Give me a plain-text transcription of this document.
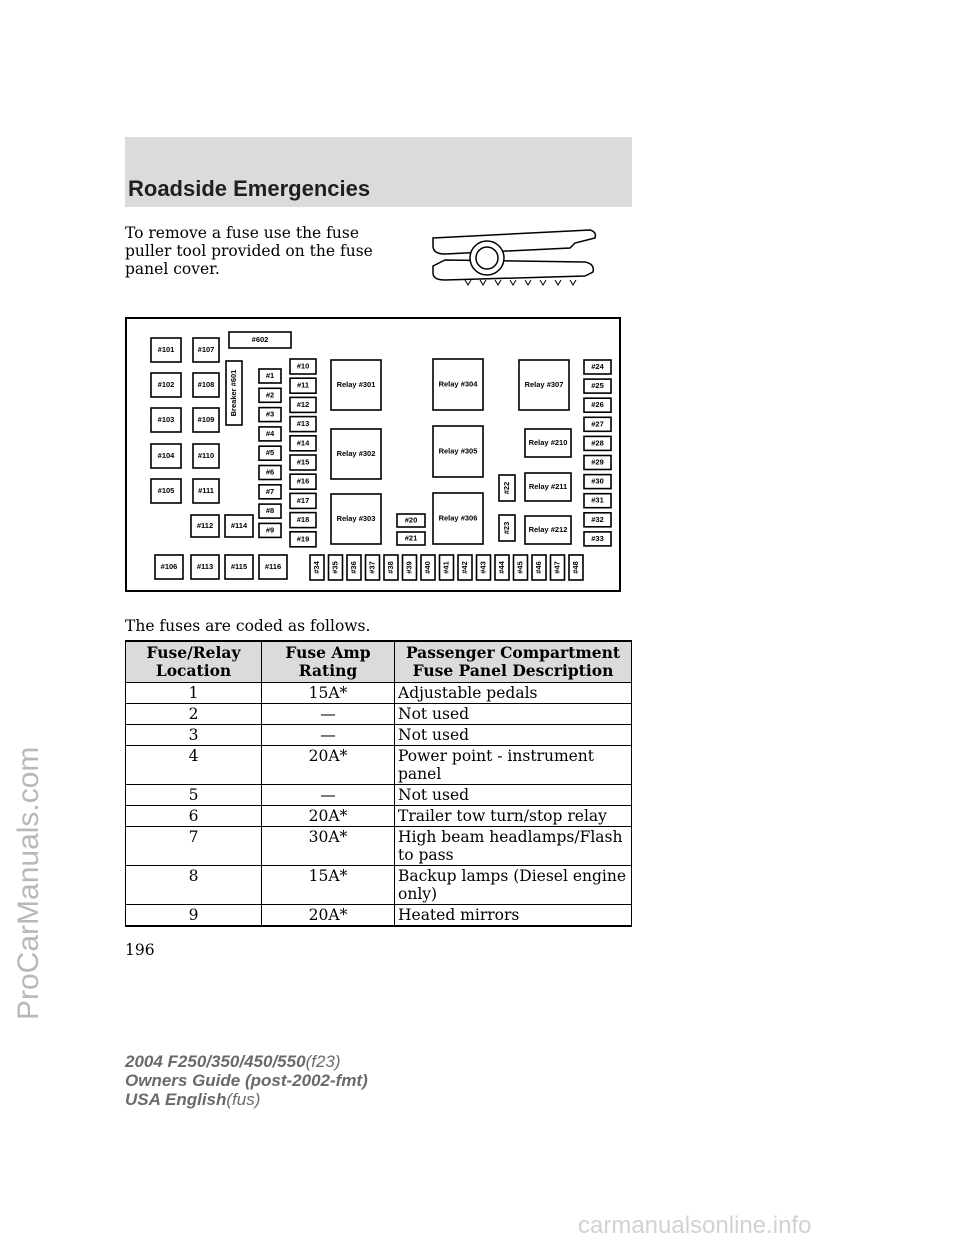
Roadside Emergencies

To remove a fuse use the fuse puller tool provided on the fuse panel cover.

#101	#107
#102	#108
#103	#109
#104	#110
#105	#111
#112 #114
#106	#113 #115 #116
#602
Breaker #601	#1
#2
#3
#4
#5
#6
#7
#8
#9
#10
#11
#12
#13
#14
#15
#16
#17
#18
#19
Relay #301
Relay #302
Relay #303
Relay #304
Relay #305
Relay #306
#20
#21
#22
#23
Relay #307
Relay #210
Relay #211
Relay #212
#24
#25
#26
#27
#28
#29
#30
#31
#32
#33
#34 #35 #36 #37 #38 #39 #40 #41 #42 #43 #44 #45 #46 #47 #48

The fuses are coded as follows.

Fuse/Relay Location	Fuse Amp Rating	Passenger Compartment Fuse Panel Description
1	15A*	Adjustable pedals
2	—	Not used
3	—	Not used
4	20A*	Power point - instrument panel
5	—	Not used
6	20A*	Trailer tow turn/stop relay
7	30A*	High beam headlamps/Flash to pass
8	15A*	Backup lamps (Diesel engine only)
9	20A*	Heated mirrors

196

2004 F250/350/450/550(f23)
Owners Guide (post-2002-fmt)
USA English(fus)
ProCarManuals.com
carmanualsonline.info
